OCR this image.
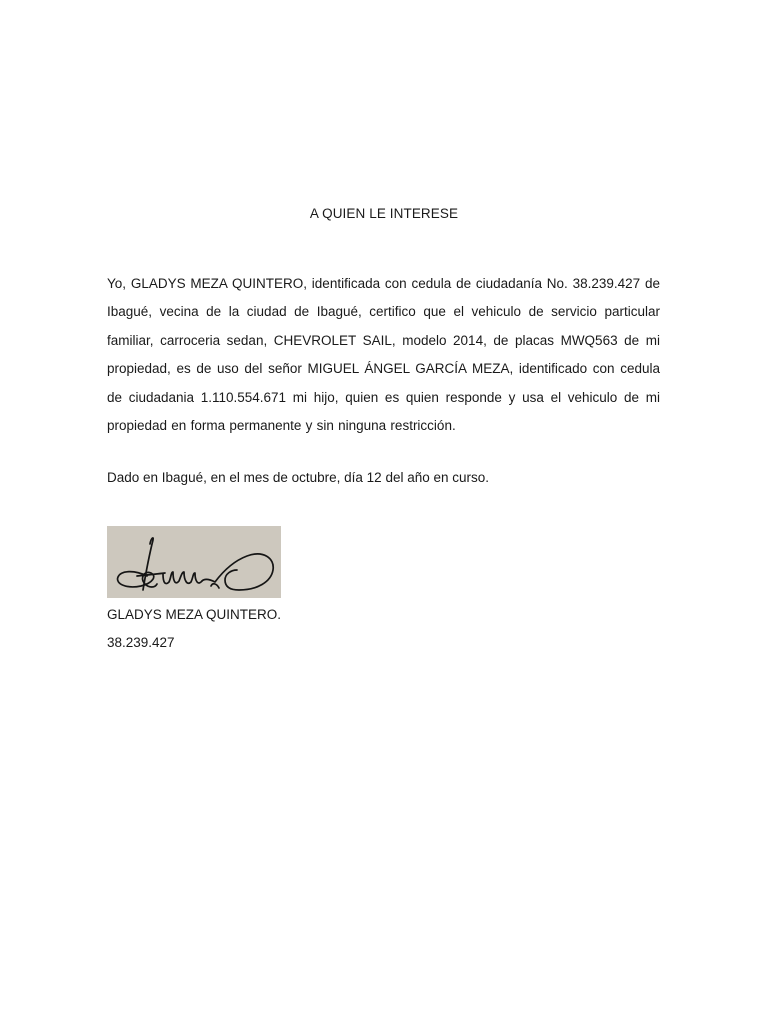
A QUIEN LE INTERESE

Yo, GLADYS MEZA QUINTERO, identificada con cedula de ciudadanía No. 38.239.427 de Ibagué, vecina de la ciudad de Ibagué, certifico que el vehiculo de servicio particular familiar, carroceria sedan, CHEVROLET SAIL, modelo 2014, de placas MWQ563 de mi propiedad, es de uso del señor MIGUEL ÁNGEL GARCÍA MEZA, identificado con cedula de ciudadania 1.110.554.671 mi hijo, quien es quien responde y usa el vehiculo de mi propiedad en forma permanente y sin ninguna restricción.

Dado en Ibagué, en el mes de octubre, día 12 del año en curso.

GLADYS MEZA QUINTERO.

38.239.427
